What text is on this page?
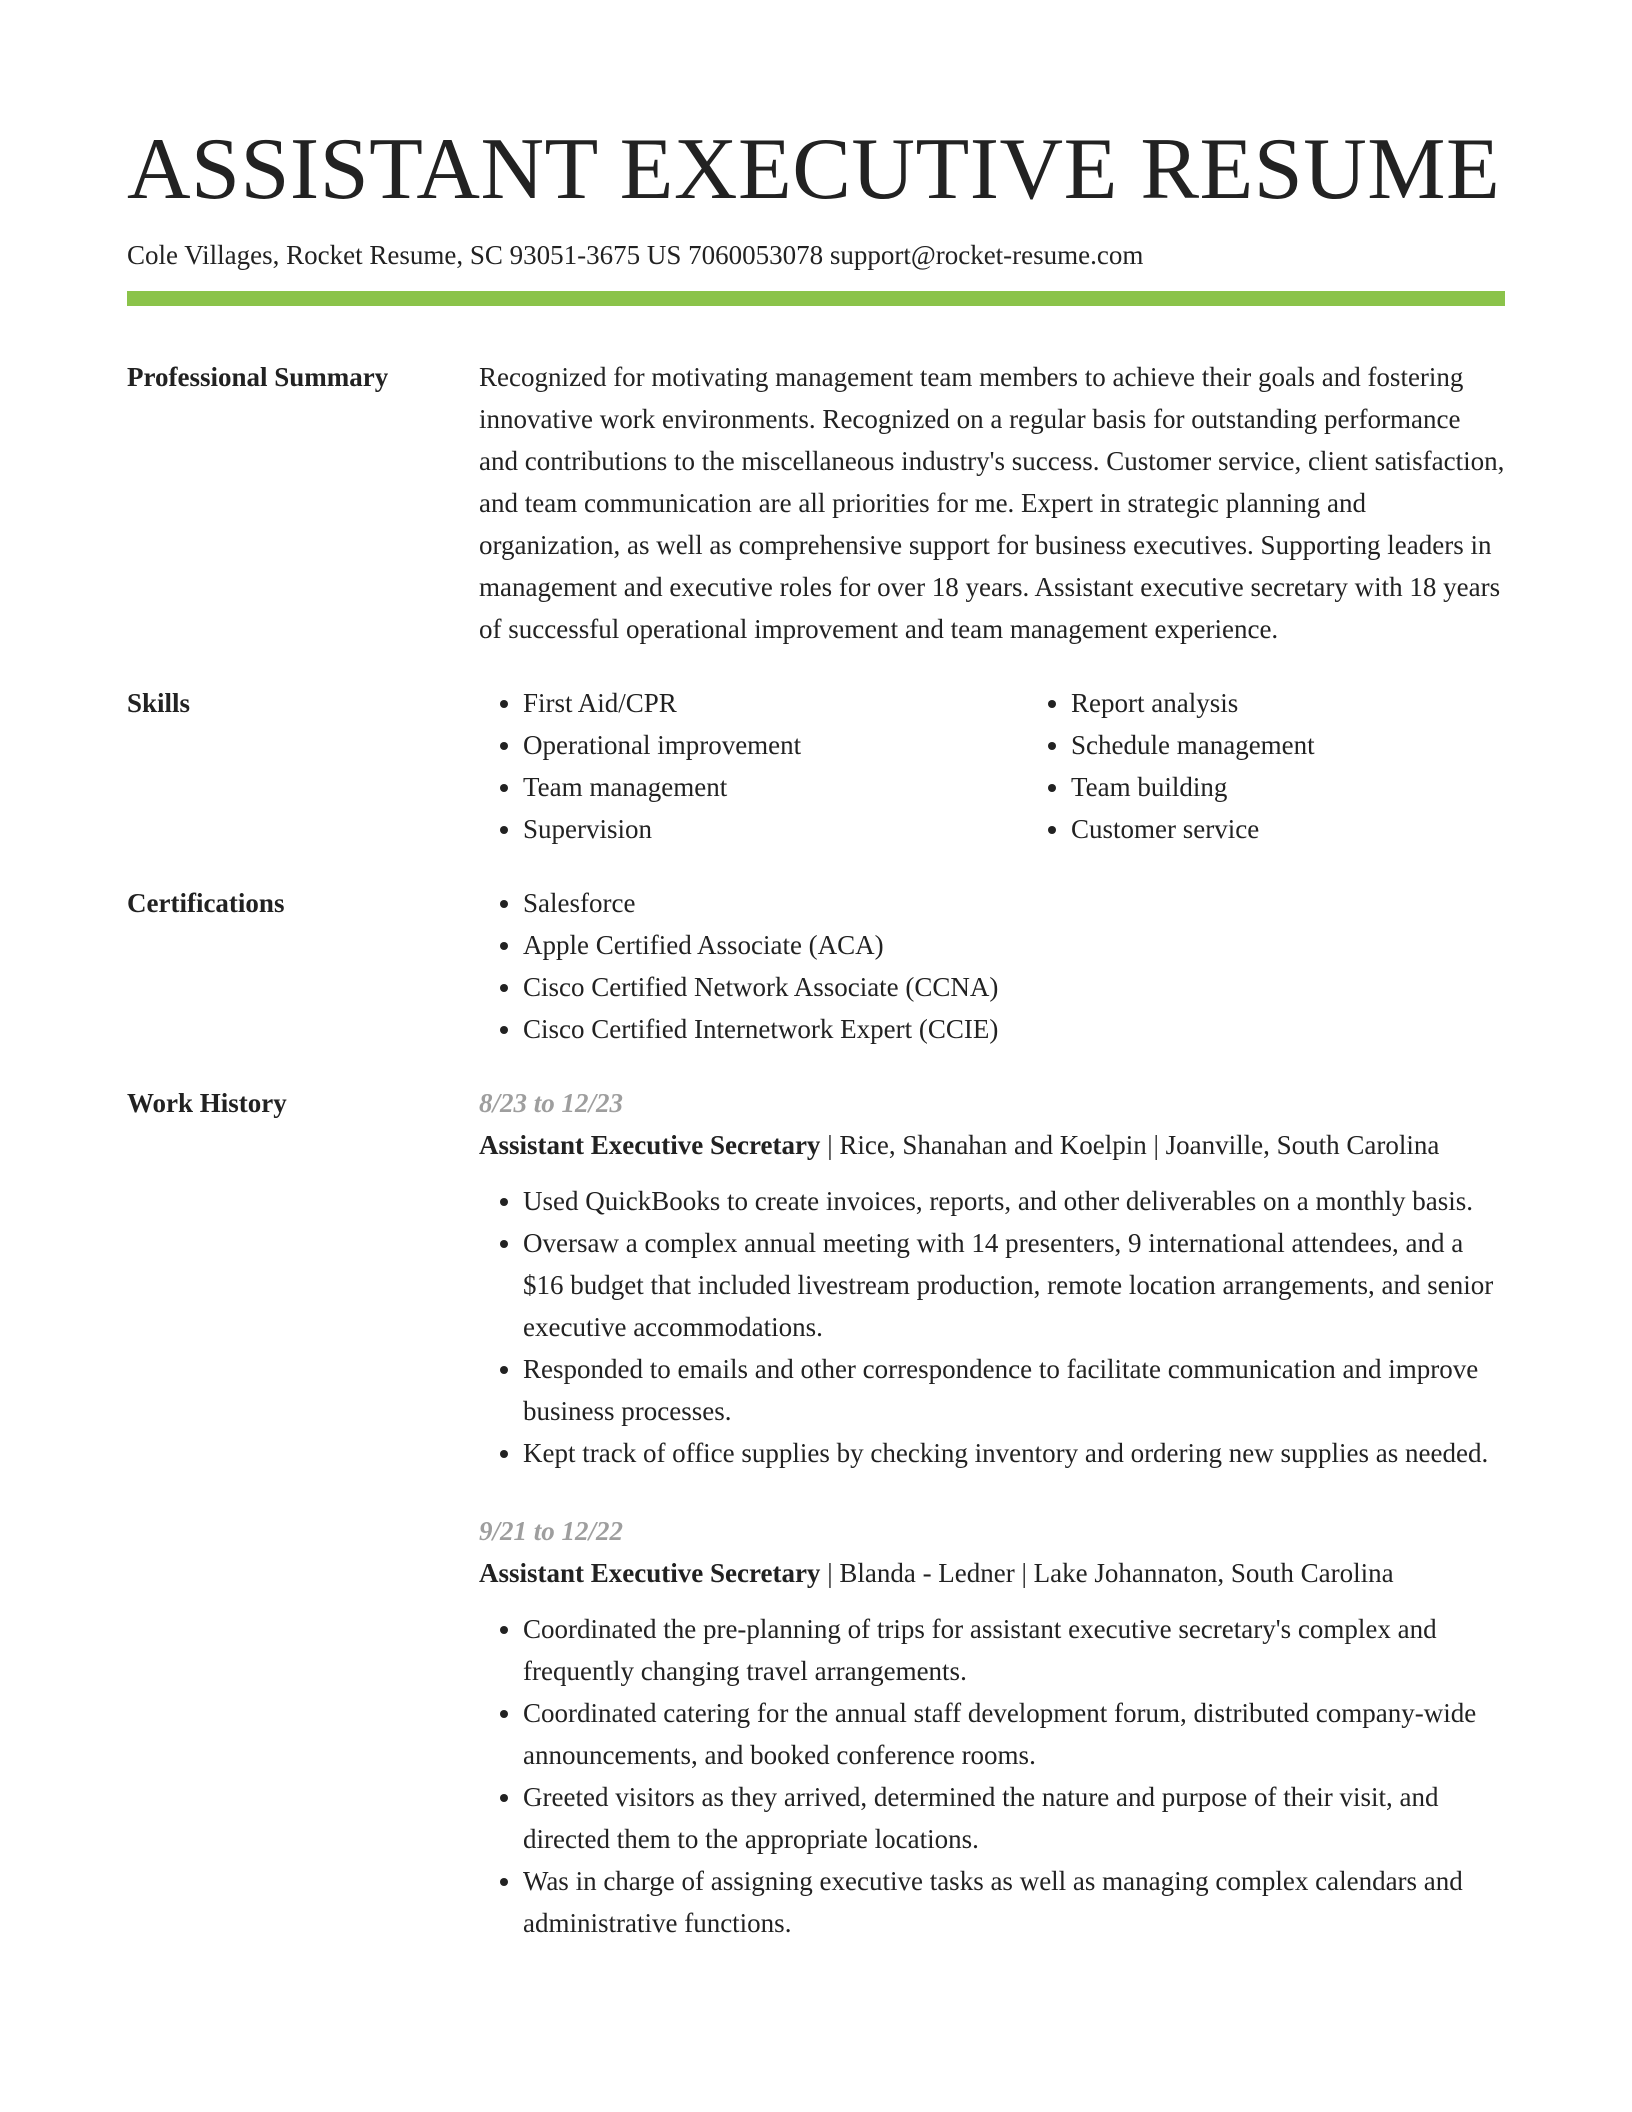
ASSISTANT EXECUTIVE RESUME
Cole Villages, Rocket Resume, SC 93051-3675 US 7060053078 support@rocket-resume.com
Professional Summary	Recognized for motivating management team members to achieve their goals and fostering innovative work environments. Recognized on a regular basis for outstanding performance and contributions to the miscellaneous industry's success. Customer service, client satisfaction, and team communication are all priorities for me. Expert in strategic planning and organization, as well as comprehensive support for business executives. Supporting leaders in management and executive roles for over 18 years. Assistant executive secretary with 18 years of successful operational improvement and team management experience.

Skills	• First Aid/CPR
• Operational improvement
• Team management
• Supervision
• Report analysis
• Schedule management
• Team building
• Customer service
Certifications	• Salesforce
• Apple Certified Associate (ACA)
• Cisco Certified Network Associate (CCNA)
• Cisco Certified Internetwork Expert (CCIE)
Work History	8/23 to 12/23
Assistant Executive Secretary | Rice, Shanahan and Koelpin | Joanville, South Carolina
• Used QuickBooks to create invoices, reports, and other deliverables on a monthly basis.
• Oversaw a complex annual meeting with 14 presenters, 9 international attendees, and a $16 budget that included livestream production, remote location arrangements, and senior executive accommodations.
• Responded to emails and other correspondence to facilitate communication and improve business processes.
• Kept track of office supplies by checking inventory and ordering new supplies as needed.
9/21 to 12/22
Assistant Executive Secretary | Blanda - Ledner | Lake Johannaton, South Carolina
• Coordinated the pre-planning of trips for assistant executive secretary's complex and frequently changing travel arrangements.
• Coordinated catering for the annual staff development forum, distributed company-wide announcements, and booked conference rooms.
• Greeted visitors as they arrived, determined the nature and purpose of their visit, and directed them to the appropriate locations.
• Was in charge of assigning executive tasks as well as managing complex calendars and administrative functions.
